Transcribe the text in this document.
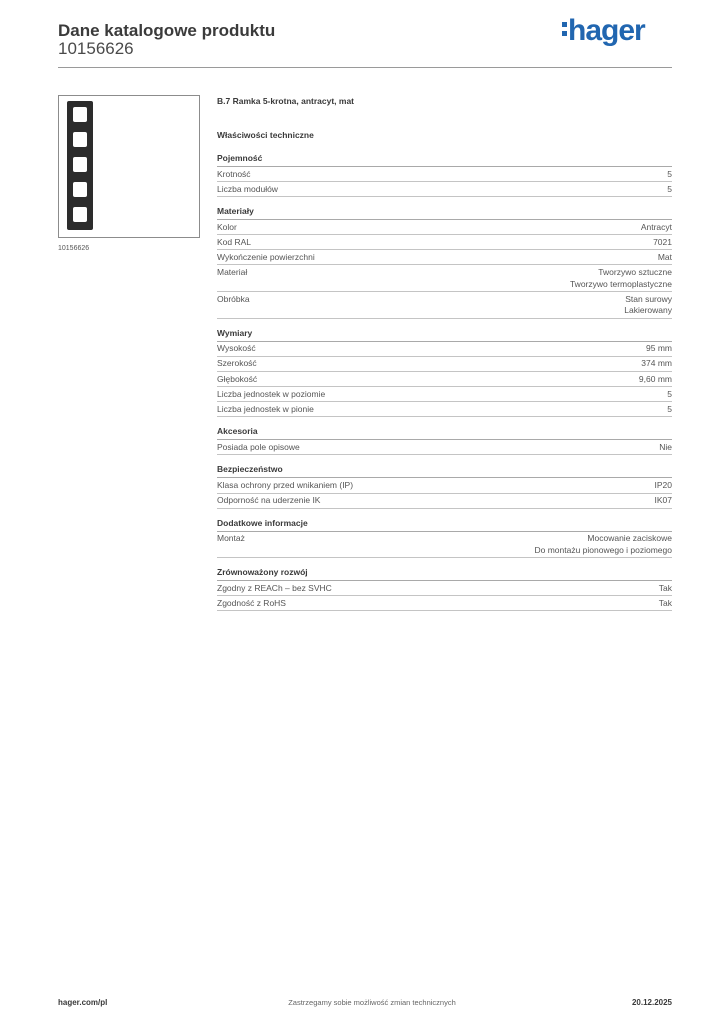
Dane katalogowe produktu
10156626
hager
10156626
B.7 Ramka 5-krotna, antracyt, mat
Właściwości techniczne
Pojemność
Krotność	5
Liczba modułów	5
Materiały
Kolor	Antracyt
Kod RAL	7021
Wykończenie powierzchni	Mat
Materiał	Tworzywo sztuczne
Tworzywo termoplastyczne
Obróbka	Stan surowy
Lakierowany
Wymiary
Wysokość	95 mm
Szerokość	374 mm
Głębokość	9,60 mm
Liczba jednostek w poziomie	5
Liczba jednostek w pionie	5
Akcesoria
Posiada pole opisowe	Nie
Bezpieczeństwo
Klasa ochrony przed wnikaniem (IP)	IP20
Odporność na uderzenie IK	IK07
Dodatkowe informacje
Montaż	Mocowanie zaciskowe
Do montażu pionowego i poziomego
Zrównoważony rozwój
Zgodny z REACh – bez SVHC	Tak
Zgodność z RoHS	Tak
hager.com/pl	Zastrzegamy sobie możliwość zmian technicznych	20.12.2025
